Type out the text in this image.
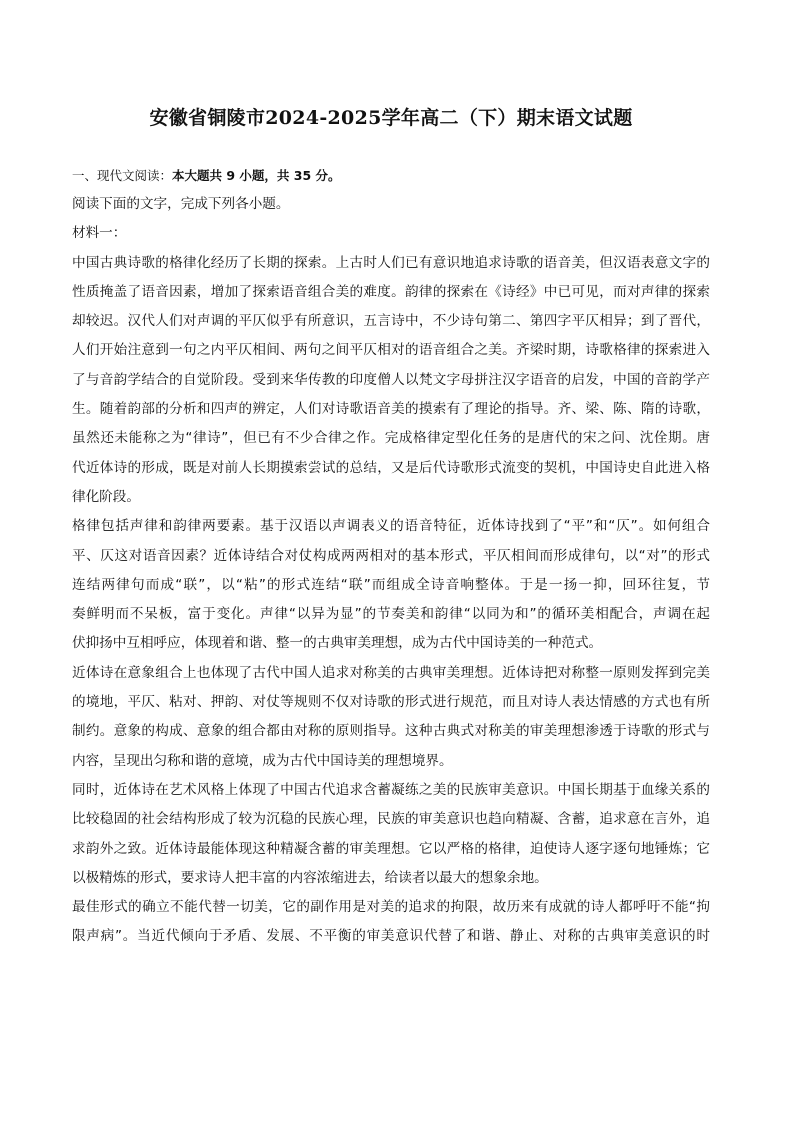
安徽省铜陵市2024-2025学年高二（下）期末语文试题

一、现代文阅读：本大题共 9 小题，共 35 分。

阅读下面的文字，完成下列各小题。

材料一：

中国古典诗歌的格律化经历了长期的探索。上古时人们已有意识地追求诗歌的语音美，但汉语表意文字的

性质掩盖了语音因素，增加了探索语音组合美的难度。韵律的探索在《诗经》中已可见，而对声律的探索

却较迟。汉代人们对声调的平仄似乎有所意识，五言诗中，不少诗句第二、第四字平仄相异；到了晋代，

人们开始注意到一句之内平仄相间、两句之间平仄相对的语音组合之美。齐梁时期，诗歌格律的探索进入

了与音韵学结合的自觉阶段。受到来华传教的印度僧人以梵文字母拼注汉字语音的启发，中国的音韵学产

生。随着韵部的分析和四声的辨定，人们对诗歌语音美的摸索有了理论的指导。齐、梁、陈、隋的诗歌，

虽然还未能称之为“律诗”，但已有不少合律之作。完成格律定型化任务的是唐代的宋之问、沈佺期。唐

代近体诗的形成，既是对前人长期摸索尝试的总结，又是后代诗歌形式流变的契机，中国诗史自此进入格

律化阶段。

格律包括声律和韵律两要素。基于汉语以声调表义的语音特征，近体诗找到了“平”和“仄”。如何组合

平、仄这对语音因素？近体诗结合对仗构成两两相对的基本形式，平仄相间而形成律句，以“对”的形式

连结两律句而成“联”，以“粘”的形式连结“联”而组成全诗音响整体。于是一扬一抑，回环往复，节

奏鲜明而不呆板，富于变化。声律“以异为显”的节奏美和韵律“以同为和”的循环美相配合，声调在起

伏抑扬中互相呼应，体现着和谐、整一的古典审美理想，成为古代中国诗美的一种范式。

近体诗在意象组合上也体现了古代中国人追求对称美的古典审美理想。近体诗把对称整一原则发挥到完美

的境地，平仄、粘对、押韵、对仗等规则不仅对诗歌的形式进行规范，而且对诗人表达情感的方式也有所

制约。意象的构成、意象的组合都由对称的原则指导。这种古典式对称美的审美理想渗透于诗歌的形式与

内容，呈现出匀称和谐的意境，成为古代中国诗美的理想境界。

同时，近体诗在艺术风格上体现了中国古代追求含蓄凝练之美的民族审美意识。中国长期基于血缘关系的

比较稳固的社会结构形成了较为沉稳的民族心理，民族的审美意识也趋向精凝、含蓄，追求意在言外，追

求韵外之致。近体诗最能体现这种精凝含蓄的审美理想。它以严格的格律，迫使诗人逐字逐句地锤炼；它

以极精炼的形式，要求诗人把丰富的内容浓缩进去，给读者以最大的想象余地。

最佳形式的确立不能代替一切美，它的副作用是对美的追求的拘限，故历来有成就的诗人都呼吁不能“拘

限声病”。当近代倾向于矛盾、发展、不平衡的审美意识代替了和谐、静止、对称的古典审美意识的时
